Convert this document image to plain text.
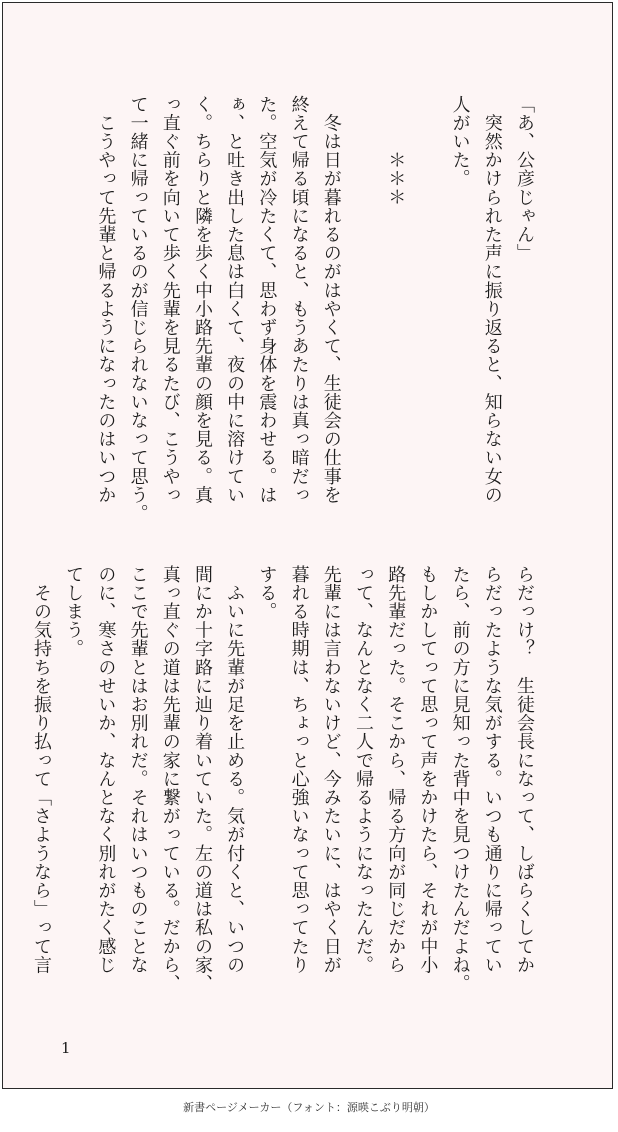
「あ、公彦じゃん」
　突然かけられた声に振り返ると、知らない女の
人がいた。

　　　＊＊＊

　冬は日が暮れるのがはやくて、生徒会の仕事を
終えて帰る頃になると、もうあたりは真っ暗だっ
た。空気が冷たくて、思わず身体を震わせる。は
ぁ、と吐き出した息は白くて、夜の中に溶けてい
く。ちらりと隣を歩く中小路先輩の顔を見る。真
っ直ぐ前を向いて歩く先輩を見るたび、こうやっ
て一緒に帰っているのが信じられないなって思う。
　こうやって先輩と帰るようになったのはいつか
らだっけ？　生徒会長になって、しばらくしてか
らだったような気がする。いつも通りに帰ってい
たら、前の方に見知った背中を見つけたんだよね。
もしかしてって思って声をかけたら、それが中小
路先輩だった。そこから、帰る方向が同じだから
って、なんとなく二人で帰るようになったんだ。
先輩には言わないけど、今みたいに、はやく日が
暮れる時期は、ちょっと心強いなって思ってたり
する。
　ふいに先輩が足を止める。気が付くと、いつの
間にか十字路に辿り着いていた。左の道は私の家、
真っ直ぐの道は先輩の家に繋がっている。だから、
ここで先輩とはお別れだ。それはいつものことな
のに、寒さのせいか、なんとなく別れがたく感じ
てしまう。
　その気持ちを振り払って「さようなら」って言
1
新書ページメーカー（フォント：源暎こぶり明朝）
